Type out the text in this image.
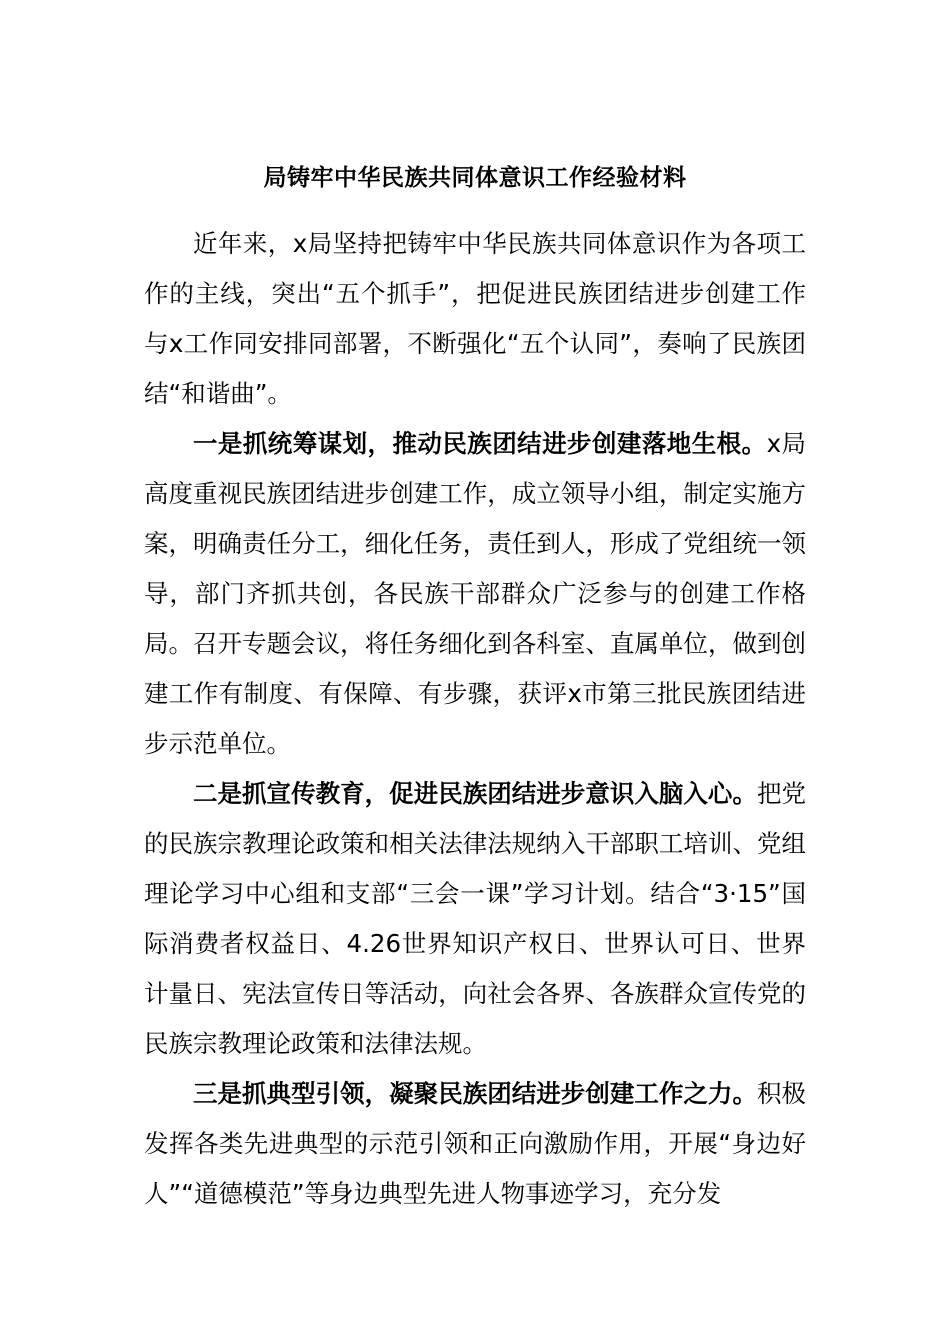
局铸牢中华民族共同体意识工作经验材料

近年来，x局坚持把铸牢中华民族共同体意识作为各项工作的主线，突出“五个抓手”，把促进民族团结进步创建工作与x工作同安排同部署，不断强化“五个认同”，奏响了民族团结“和谐曲”。

一是抓统筹谋划，推动民族团结进步创建落地生根。x局高度重视民族团结进步创建工作，成立领导小组，制定实施方案，明确责任分工，细化任务，责任到人，形成了党组统一领导，部门齐抓共创，各民族干部群众广泛参与的创建工作格局。召开专题会议，将任务细化到各科室、直属单位，做到创建工作有制度、有保障、有步骤，获评x市第三批民族团结进步示范单位。

二是抓宣传教育，促进民族团结进步意识入脑入心。把党的民族宗教理论政策和相关法律法规纳入干部职工培训、党组理论学习中心组和支部“三会一课”学习计划。结合“3·15”国际消费者权益日、4.26世界知识产权日、世界认可日、世界计量日、宪法宣传日等活动，向社会各界、各族群众宣传党的民族宗教理论政策和法律法规。

三是抓典型引领，凝聚民族团结进步创建工作之力。积极发挥各类先进典型的示范引领和正向激励作用，开展“身边好人”“道德模范”等身边典型先进人物事迹学习，充分发
